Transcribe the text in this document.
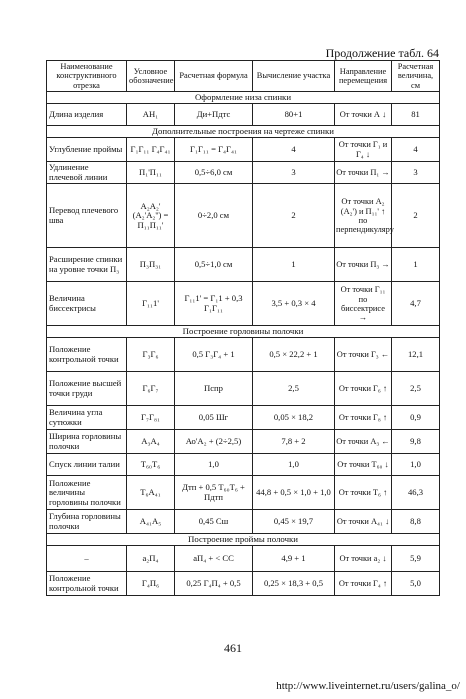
Продолжение табл. 64
Наименование конструктивного отрезка	Условное обозначение	Расчетная формула	Вычисление участка	Направление перемещения	Расчетная величина, см
Оформление низа спинки					
Длина изделия	АН₁	Ди+Пдтс	80+1	От точки А ↓	81
Дополнительные построения на чертеже спинки					
Углубление проймы	Г₁Г₁₁ Г₄Г₄₁	Г₁Г₁₁ = Г₄Г₄₁	4	От точки Г₁ и Г₄ ↓	4
Удлинение плечевой линии	П₁'П₁₁	0,5÷6,0 см	3	От точки П₁ →	3
Перевод плечевого шва	А₂А₂' (А₂'А₂'') = П₁₁П₁₁'	0÷2,0 см	2	От точки А₂ (А₂') и П₁₁' ↑ по перпендикуляру	2
Расширение спинки на уровне точки П₃	П₃П₃₁	0,5÷1,0 см	1	От точки П₃ →	1
Величина биссектрисы	Г₁₁1'	Г₁₁1' = Г₁1 + 0,3 Г₁Г₁₁	3,5 + 0,3 × 4	От точки Г₁₁ по биссектрисе →	4,7
Построение горловины полочки					
Положение контрольной точки	Г₃Г₆	0,5 Г₃Г₄ + 1	0,5 × 22,2 + 1	От точки Г₃ ←	12,1
Положение высшей точки груди	Г₆Г₇	Пспр	2,5	От точки Г₆ ↑	2,5
Величина угла сутюжки	Г₇Г₈₁	0,05 Шг	0,05 × 18,2	От точки Г₈ ↑	0,9
Ширина горловины полочки	А₃А₄	Ао'А₂ + (2÷2,5)	7,8 + 2	От точки А₃ ←	9,8
Спуск линии талии	Т₆₀Т₆	1,0	1,0	От точки Т₆₀ ↓	1,0
Положение величины горловины полочки	Т₆А₄₁	Дтп + 0,5 Т₆₀Т₆ + Пдтп	44,8 + 0,5 × 1,0 + 1,0	От точки Т₆ ↑	46,3
Глубина горловины полочки	А₄₁А₅	0,45 Сш	0,45 × 19,7	От точки А₄₁ ↓	8,8
Построение проймы полочки					
–	а₂П₄	аП₄ + < СС	4,9 + 1	От точки а₂ ↓	5,9
Положение контрольной точки	Г₄П₆	0,25 Г₄П₄ + 0,5	0,25 × 18,3 + 0,5	От точки Г₄ ↑	5,0
461
http://www.liveinternet.ru/users/galina_o/
